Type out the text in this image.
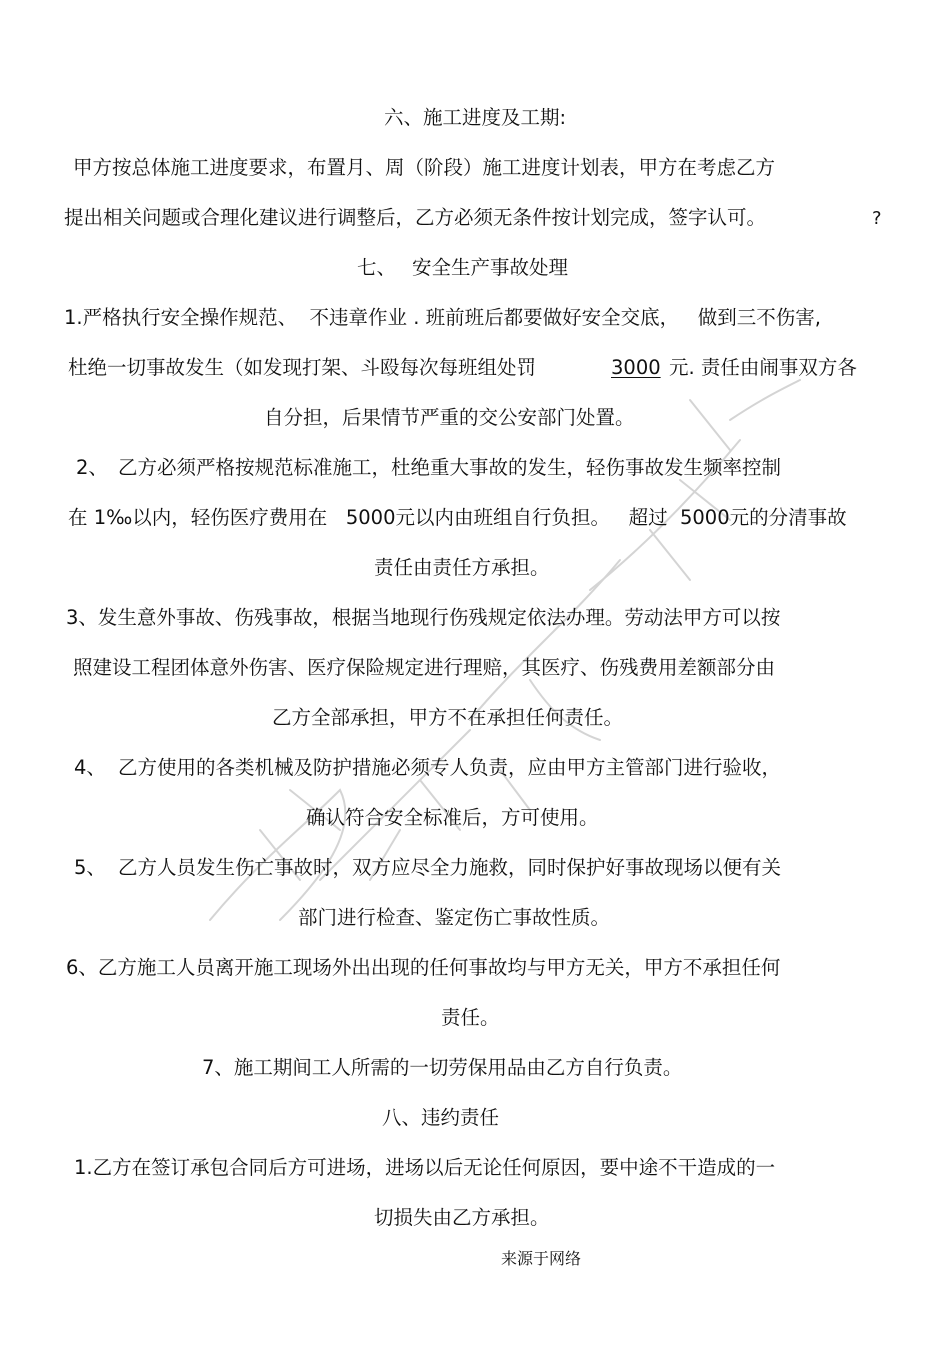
六、施工进度及工期:
甲方按总体施工进度要求，布置月、周（阶段）施工进度计划表，甲方在考虑乙方
提出相关问题或合理化建议进行调整后，乙方必须无条件按计划完成，签字认可。	?
七、 安全生产事故处理
1.严格执行安全操作规范、  不违章作业 . 班前班后都要做好安全交底，   做到三不伤害,
杜绝一切事故发生（如发现打架、斗殴每次每班组处罚	3000 元. 责任由闹事双方各
自分担，后果情节严重的交公安部门处置。
2、 乙方必须严格按规范标准施工，杜绝重大事故的发生，轻伤事故发生频率控制
在 1‰以内，轻伤医疗费用在   5000元以内由班组自行负担。   超过  5000元的分清事故
责任由责任方承担。
3、发生意外事故、伤残事故，根据当地现行伤残规定依法办理。劳动法甲方可以按
照建设工程团体意外伤害、医疗保险规定进行理赔，其医疗、伤残费用差额部分由
乙方全部承担，甲方不在承担任何责任。
4、 乙方使用的各类机械及防护措施必须专人负责，应由甲方主管部门进行验收，
确认符合安全标准后，方可使用。
5、 乙方人员发生伤亡事故时，双方应尽全力施救，同时保护好事故现场以便有关
部门进行检查、鉴定伤亡事故性质。
6、乙方施工人员离开施工现场外出出现的任何事故均与甲方无关，甲方不承担任何
责任。
7、施工期间工人所需的一切劳保用品由乙方自行负责。
八、违约责任
1.乙方在签订承包合同后方可进场，进场以后无论任何原因，要中途不干造成的一
切损失由乙方承担。
来源于网络
